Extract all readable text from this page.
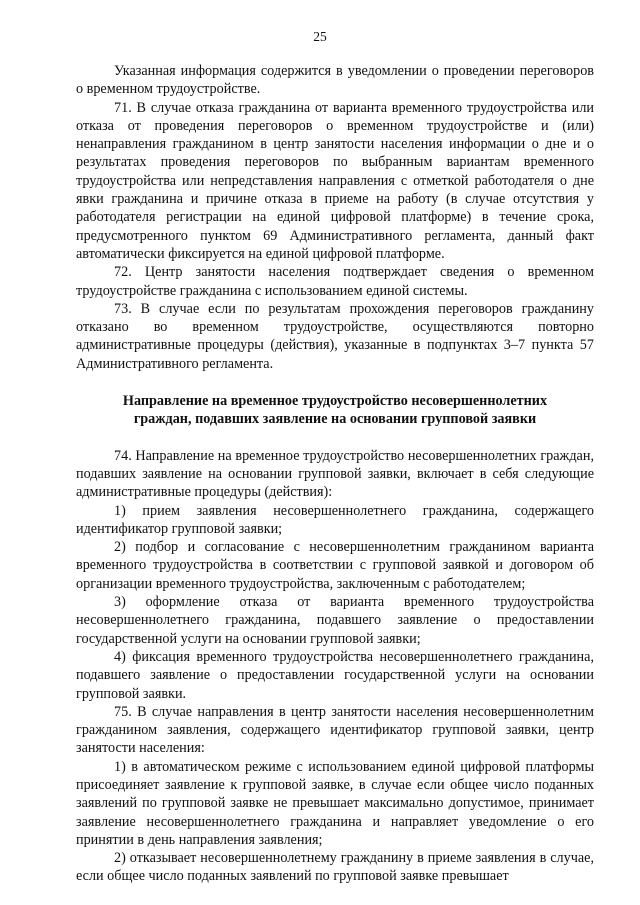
25

Указанная информация содержится в уведомлении о проведении переговоров о временном трудоустройстве.

71. В случае отказа гражданина от варианта временного трудоустройства или отказа от проведения переговоров о временном трудоустройстве и (или) ненаправления гражданином в центр занятости населения информации о дне и о результатах проведения переговоров по выбранным вариантам временного трудоустройства или непредставления направления с отметкой работодателя о дне явки гражданина и причине отказа в приеме на работу (в случае отсутствия у работодателя регистрации на единой цифровой платформе) в течение срока, предусмотренного пунктом 69 Административного регламента, данный факт автоматически фиксируется на единой цифровой платформе.

72. Центр занятости населения подтверждает сведения о временном трудоустройстве гражданина с использованием единой системы.

73. В случае если по результатам прохождения переговоров гражданину отказано во временном трудоустройстве, осуществляются повторно административные процедуры (действия), указанные в подпунктах 3–7 пункта 57 Административного регламента.

Направление на временное трудоустройство несовершеннолетних граждан, подавших заявление на основании групповой заявки

74. Направление на временное трудоустройство несовершеннолетних граждан, подавших заявление на основании групповой заявки, включает в себя следующие административные процедуры (действия):

1) прием заявления несовершеннолетнего гражданина, содержащего идентификатор групповой заявки;

2) подбор и согласование с несовершеннолетним гражданином варианта временного трудоустройства в соответствии с групповой заявкой и договором об организации временного трудоустройства, заключенным с работодателем;

3) оформление отказа от варианта временного трудоустройства несовершеннолетнего гражданина, подавшего заявление о предоставлении государственной услуги на основании групповой заявки;

4) фиксация временного трудоустройства несовершеннолетнего гражданина, подавшего заявление о предоставлении государственной услуги на основании групповой заявки.

75. В случае направления в центр занятости населения несовершеннолетним гражданином заявления, содержащего идентификатор групповой заявки, центр занятости населения:

1) в автоматическом режиме с использованием единой цифровой платформы присоединяет заявление к групповой заявке, в случае если общее число поданных заявлений по групповой заявке не превышает максимально допустимое, принимает заявление несовершеннолетнего гражданина и направляет уведомление о его принятии в день направления заявления;

2) отказывает несовершеннолетнему гражданину в приеме заявления в случае, если общее число поданных заявлений по групповой заявке превышает
